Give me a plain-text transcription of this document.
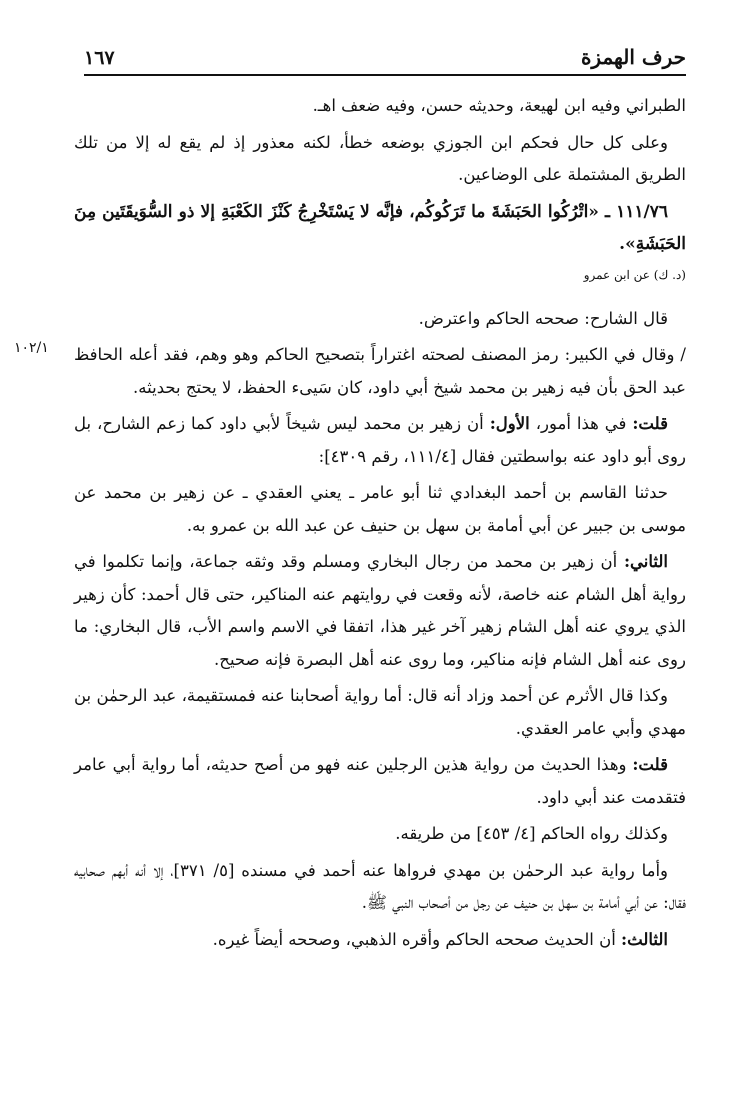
حرف الهمزة
١٦٧
١٠٢/١

الطبراني وفيه ابن لهيعة، وحديثه حسن، وفيه ضعف اهـ.

وعلى كل حال فحكم ابن الجوزي بوضعه خطأ، لكنه معذور إذ لم يقع له إلا من تلك الطريق المشتملة على الوضاعين.

١١١/٧٦ ـ «اتْرُكُوا الحَبَشَةَ ما تَرَكُوكُم، فإنَّه لا يَسْتَخْرِجُ كَنْزَ الكَعْبَةِ إلا ذو السُّوَيقَتَين مِنَ الحَبَشَةِ».

(د. ك) عن ابن عمرو

قال الشارح: صححه الحاكم واعترض.

/ وقال في الكبير: رمز المصنف لصحته اغتراراً بتصحيح الحاكم وهو وهم، فقد أعله الحافظ عبد الحق بأن فيه زهير بن محمد شيخ أبي داود، كان سَيىء الحفظ، لا يحتج بحديثه.

قلت: في هذا أمور، الأول: أن زهير بن محمد ليس شيخاً لأبي داود كما زعم الشارح، بل روى أبو داود عنه بواسطتين فقال [١١١/٤، رقم ٤٣٠٩]:

حدثنا القاسم بن أحمد البغدادي ثنا أبو عامر ـ يعني العقدي ـ عن زهير بن محمد عن موسى بن جبير عن أبي أمامة بن سهل بن حنيف عن عبد الله بن عمرو به.

الثاني: أن زهير بن محمد من رجال البخاري ومسلم وقد وثقه جماعة، وإنما تكلموا في رواية أهل الشام عنه خاصة، لأنه وقعت في روايتهم عنه المناكير، حتى قال أحمد: كأن زهير الذي يروي عنه أهل الشام زهير آخر غير هذا، اتفقا في الاسم واسم الأب، قال البخاري: ما روى عنه أهل الشام فإنه مناكير، وما روى عنه أهل البصرة فإنه صحيح.

وكذا قال الأثرم عن أحمد وزاد أنه قال: أما رواية أصحابنا عنه فمستقيمة، عبد الرحمٰن بن مهدي وأبي عامر العقدي.

قلت: وهذا الحديث من رواية هذين الرجلين عنه فهو من أصح حديثه، أما رواية أبي عامر فتقدمت عند أبي داود.

وكذلك رواه الحاكم [٤/ ٤٥٣] من طريقه.

وأما رواية عبد الرحمٰن بن مهدي فرواها عنه أحمد في مسنده [٥/ ٣٧١]، إلا أنه أبهم صحابيه فقال: عن أبي أمامة بن سهل بن حنيف عن رجل من أصحاب النبي ﷺ.

الثالث: أن الحديث صححه الحاكم وأقره الذهبي، وصححه أيضاً غيره.
